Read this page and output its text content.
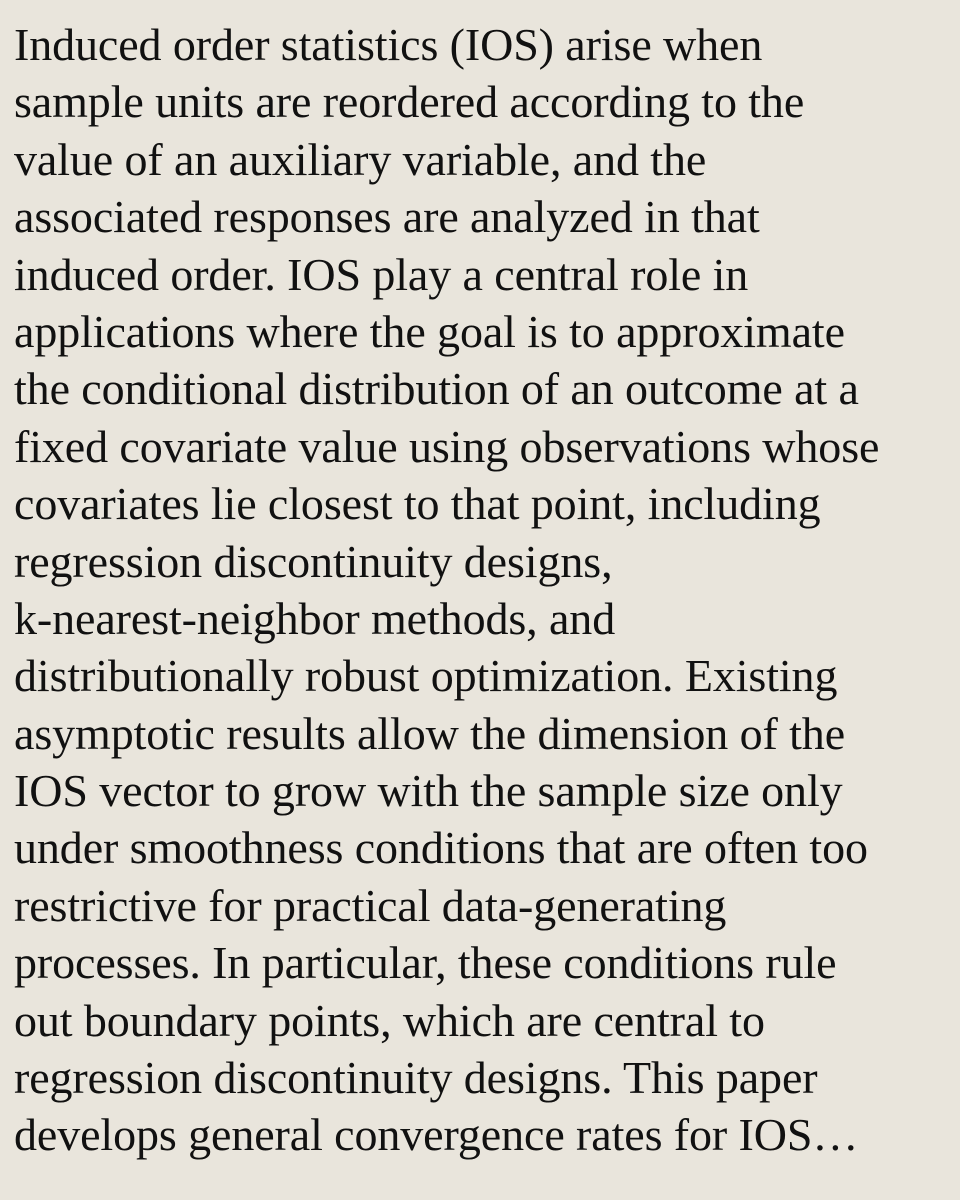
Induced order statistics (IOS) arise when
sample units are reordered according to the
value of an auxiliary variable, and the
associated responses are analyzed in that
induced order. IOS play a central role in
applications where the goal is to approximate
the conditional distribution of an outcome at a
fixed covariate value using observations whose
covariates lie closest to that point, including
regression discontinuity designs,
k-nearest-neighbor methods, and
distributionally robust optimization. Existing
asymptotic results allow the dimension of the
IOS vector to grow with the sample size only
under smoothness conditions that are often too
restrictive for practical data-generating
processes. In particular, these conditions rule
out boundary points, which are central to
regression discontinuity designs. This paper
develops general convergence rates for IOS…
